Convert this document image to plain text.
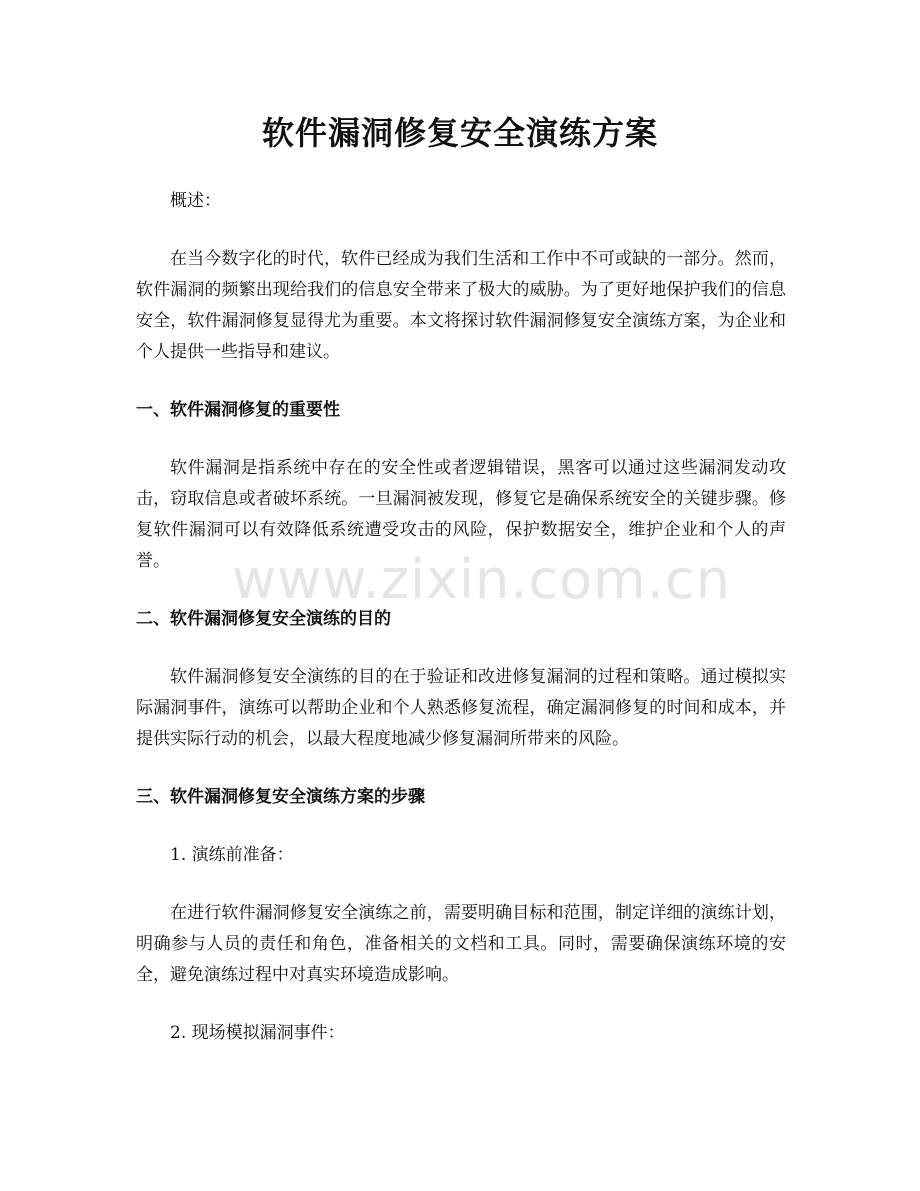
软件漏洞修复安全演练方案

概述：

在当今数字化的时代，软件已经成为我们生活和工作中不可或缺的一部分。然而，软件漏洞的频繁出现给我们的信息安全带来了极大的威胁。为了更好地保护我们的信息安全，软件漏洞修复显得尤为重要。本文将探讨软件漏洞修复安全演练方案，为企业和个人提供一些指导和建议。

一、软件漏洞修复的重要性

软件漏洞是指系统中存在的安全性或者逻辑错误，黑客可以通过这些漏洞发动攻击，窃取信息或者破坏系统。一旦漏洞被发现，修复它是确保系统安全的关键步骤。修复软件漏洞可以有效降低系统遭受攻击的风险，保护数据安全，维护企业和个人的声誉。

二、软件漏洞修复安全演练的目的

软件漏洞修复安全演练的目的在于验证和改进修复漏洞的过程和策略。通过模拟实际漏洞事件，演练可以帮助企业和个人熟悉修复流程，确定漏洞修复的时间和成本，并提供实际行动的机会，以最大程度地减少修复漏洞所带来的风险。

三、软件漏洞修复安全演练方案的步骤

1. 演练前准备：

在进行软件漏洞修复安全演练之前，需要明确目标和范围，制定详细的演练计划，明确参与人员的责任和角色，准备相关的文档和工具。同时，需要确保演练环境的安全，避免演练过程中对真实环境造成影响。

2. 现场模拟漏洞事件：

www.zixin.com.cn
